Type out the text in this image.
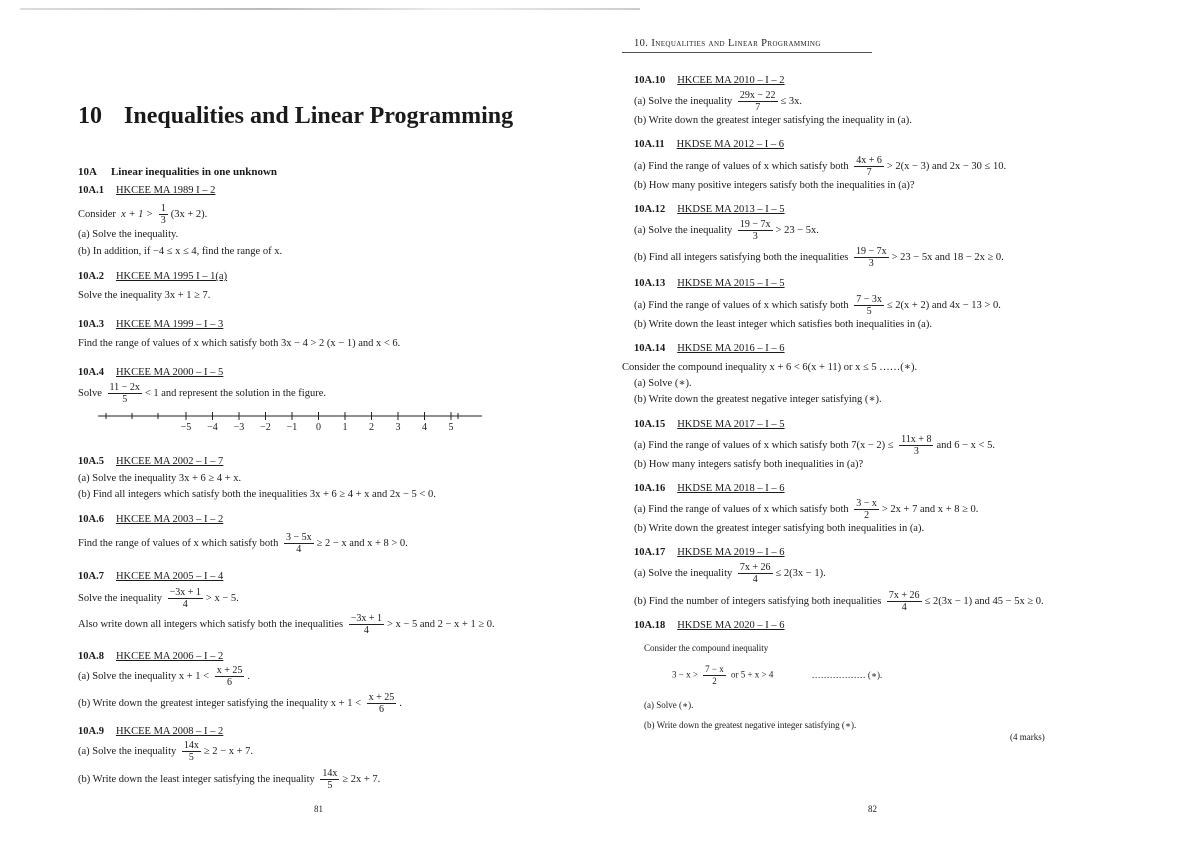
10 Inequalities and Linear Programming
10A Linear inequalities in one unknown
10A.1 HKCEE MA 1989 I – 2
Consider $x + 1 > \frac{1}{3} (3x + 2)$.
(a) Solve the inequality.
(b) In addition, if −4 ≤ x ≤ 4, find the range of x.
10A.2 HKCEE MA 1995 I – 1(a)
Solve the inequality 3x + 1 ≥ 7.
10A.3 HKCEE MA 1999 – I – 3
Find the range of values of x which satisfy both 3x − 4 > 2 (x − 1) and x < 6.
10A.4 HKCEE MA 2000 – I – 5
Solve $\frac{11 - 2x}{5} < 1$ and represent the solution in the figure.
10A.5 HKCEE MA 2002 – I – 7
(a) Solve the inequality 3x + 6 ≥ 4 + x.
(b) Find all integers which satisfy both the inequalities 3x + 6 ≥ 4 + x and 2x − 5 < 0.
10A.6 HKCEE MA 2003 – I – 2
Find the range of values of x which satisfy both $\frac{3 - 5x}{4} \ge 2 - x$ and x + 8 > 0.
10A.7 HKCEE MA 2005 – I – 4
Solve the inequality $\frac{-3x + 1}{4} > x - 5$.
Also write down all integers which satisfy both the inequalities $\frac{-3x + 1}{4} > x - 5$ and 2 − x + 1 ≥ 0.
10A.8 HKCEE MA 2006 – I – 2
(a) Solve the inequality $x + 1 < \frac{x + 25}{6}$ .
(b) Write down the greatest integer satisfying the inequality $x + 1 < \frac{x + 25}{6}$ .
10A.9 HKCEE MA 2008 – I – 2
(a) Solve the inequality $\frac{14x}{5} \ge 2 - x + 7$.
(b) Write down the least integer satisfying the inequality $\frac{14x}{5} \ge 2x + 7$.
81
−5	−4	−3	−2	−1	0	1	2	3	4	5
10. Inequalities and Linear Programming
10A.10 HKCEE MA 2010 – I – 2
(a) Solve the inequality $\frac{29x - 22}{7} \le 3x$.
(b) Write down the greatest integer satisfying the inequality in (a).
10A.11 HKDSE MA 2012 – I – 6
(a) Find the range of values of x which satisfy both $\frac{4x + 6}{7} > 2(x - 3)$ and 2x − 30 ≤ 10.
(b) How many positive integers satisfy both the inequalities in (a)?
10A.12 HKDSE MA 2013 – I – 5
(a) Solve the inequality $\frac{19 - 7x}{3} > 23 - 5x$.
(b) Find all integers satisfying both the inequalities $\frac{19 - 7x}{3} > 23 - 5x$ and 18 − 2x ≥ 0.
10A.13 HKDSE MA 2015 – I – 5
(a) Find the range of values of x which satisfy both $\frac{7 - 3x}{5} \le 2(x + 2)$ and 4x − 13 > 0.
(b) Write down the least integer which satisfies both inequalities in (a).
10A.14 HKDSE MA 2016 – I – 6
Consider the compound inequality x + 6 < 6(x + 11) or x ≤ 5 ……(∗).
(a) Solve (∗).
(b) Write down the greatest negative integer satisfying (∗).
10A.15 HKDSE MA 2017 – I – 5
(a) Find the range of values of x which satisfy both $7(x - 2) \le \frac{11x + 8}{3}$ and 6 − x < 5.
(b) How many integers satisfy both inequalities in (a)?
10A.16 HKDSE MA 2018 – I – 6
(a) Find the range of values of x which satisfy both $\frac{3 - x}{2} > 2x + 7$ and x + 8 ≥ 0.
(b) Write down the greatest integer satisfying both inequalities in (a).
10A.17 HKDSE MA 2019 – I – 6
(a) Solve the inequality $\frac{7x + 26}{4} \le 2(3x - 1)$.
(b) Find the number of integers satisfying both inequalities $\frac{7x + 26}{4} \le 2(3x - 1)$ and 45 − 5x ≥ 0.
10A.18 HKDSE MA 2020 – I – 6
Consider the compound inequality
$3 - x > \frac{7 - x}{2}$ or 5 + x > 4	……………… (∗).
(a) Solve (∗).
(b) Write down the greatest negative integer satisfying (∗).
(4 marks)
82
